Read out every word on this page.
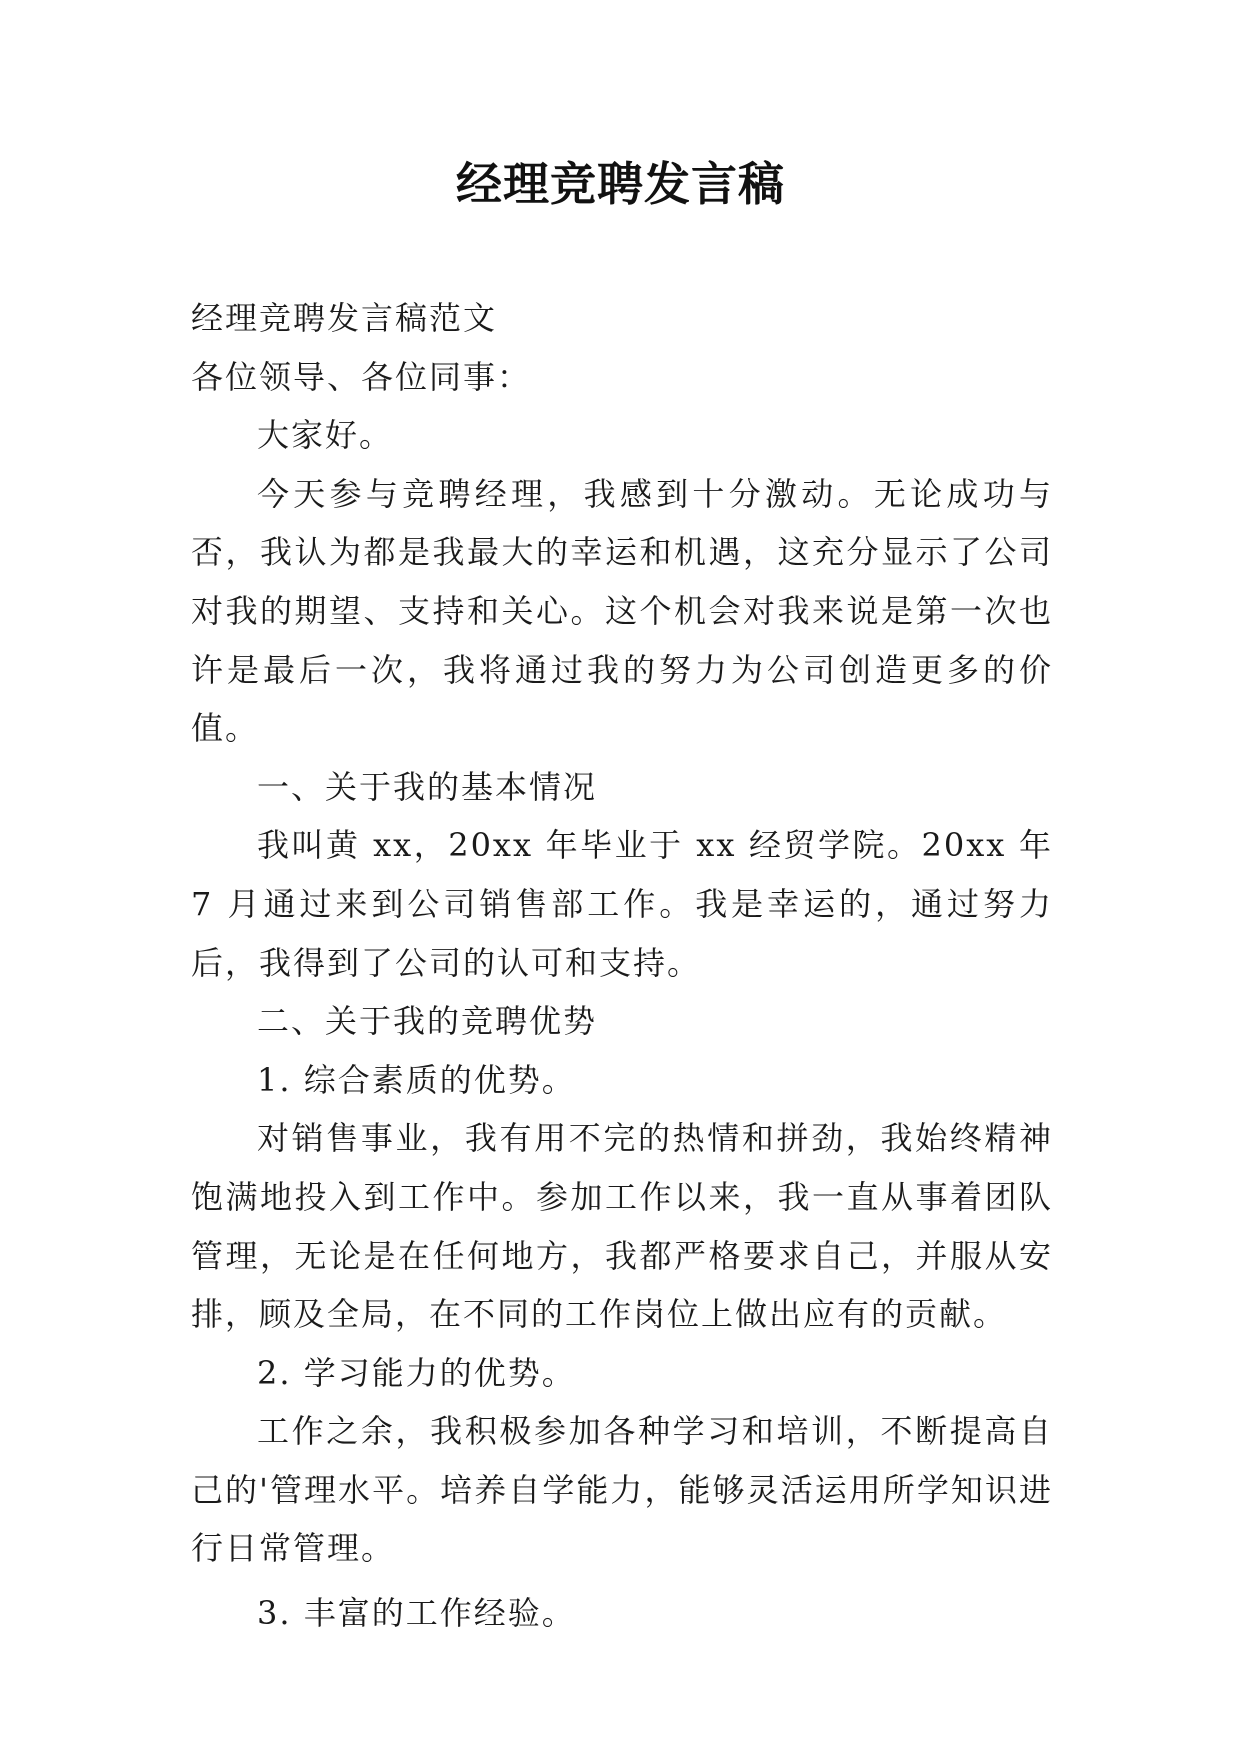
经理竞聘发言稿

经理竞聘发言稿范文

各位领导、各位同事：

大家好。

今天参与竞聘经理，我感到十分激动。无论成功与否，我认为都是我最大的幸运和机遇，这充分显示了公司对我的期望、支持和关心。这个机会对我来说是第一次也许是最后一次，我将通过我的努力为公司创造更多的价值。

一、关于我的基本情况

我叫黄 xx，20xx 年毕业于 xx 经贸学院。20xx 年 7 月通过来到公司销售部工作。我是幸运的，通过努力后，我得到了公司的认可和支持。

二、关于我的竞聘优势

1. 综合素质的优势。

对销售事业，我有用不完的热情和拼劲，我始终精神饱满地投入到工作中。参加工作以来，我一直从事着团队管理，无论是在任何地方，我都严格要求自己，并服从安排，顾及全局，在不同的工作岗位上做出应有的贡献。

2. 学习能力的优势。

工作之余，我积极参加各种学习和培训，不断提高自己的'管理水平。培养自学能力，能够灵活运用所学知识进行日常管理。

3. 丰富的工作经验。
